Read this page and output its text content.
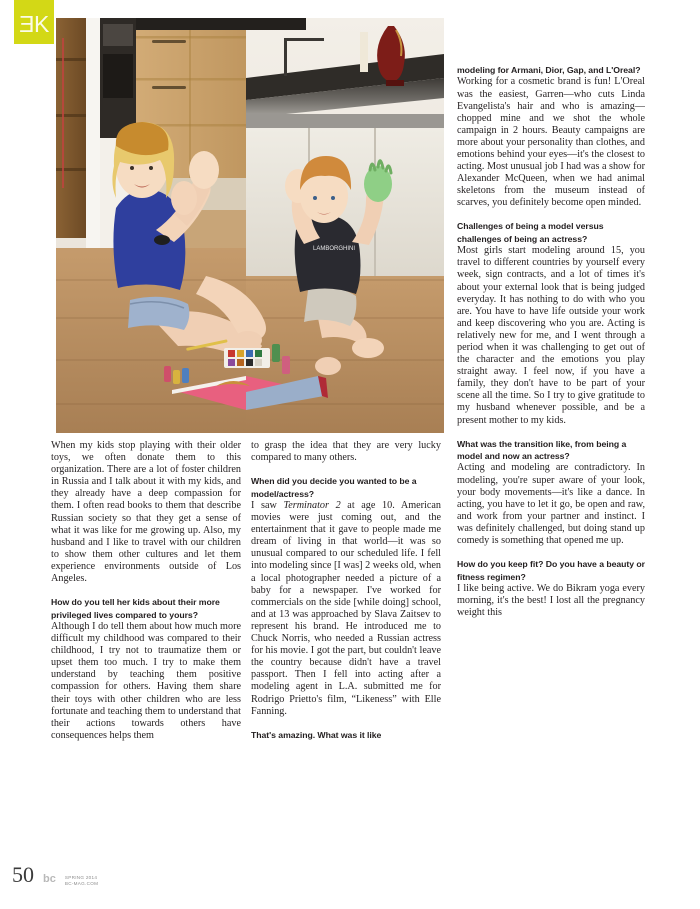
ƎK
LAMBORGHINI

When my kids stop playing with their older toys, we often donate them to this organization. There are a lot of foster children in Russia and I talk about it with my kids, and they already have a deep compassion for them. I often read books to them that describe Russian society so that they get a sense of what it was like for me growing up. Also, my husband and I like to travel with our children to show them other cultures and let them experience environments outside of Los Angeles.

How do you tell her kids about their more privileged lives compared to yours?

Although I do tell them about how much more difficult my childhood was compared to their childhood, I try not to traumatize them or upset them too much. I try to make them understand by teaching them positive compassion for others. Having them share their toys with other children who are less fortunate and teaching them to understand that their actions towards others have consequences helps them

to grasp the idea that they are very lucky compared to many others.

When did you decide you wanted to be a model/actress?

I saw Terminator 2 at age 10. American movies were just coming out, and the entertainment that it gave to people made me dream of living in that world—it was so unusual compared to our scheduled life. I fell into modeling since [I was] 2 weeks old, when a local photographer needed a picture of a baby for a newspaper. I've worked for commercials on the side [while doing] school, and at 13 was approached by Slava Zaitsev to represent his brand. He introduced me to Chuck Norris, who needed a Russian actress for his movie. I got the part, but couldn't leave the country because didn't have a travel passport. Then I fell into acting after a modeling agent in L.A. submitted me for Rodrigo Prietto's film, “Likeness” with Elle Fanning.

That's amazing. What was it like

modeling for Armani, Dior, Gap, and L'Oreal?

Working for a cosmetic brand is fun! L'Oreal was the easiest, Garren—who cuts Linda Evangelista's hair and who is amazing—chopped mine and we shot the whole campaign in 2 hours. Beauty campaigns are more about your personality than clothes, and emotions behind your eyes—it's the closest to acting. Most unusual job I had was a show for Alexander McQueen, when we had animal skeletons from the museum instead of scarves, you definitely become open minded.

Challenges of being a model versus challenges of being an actress?

Most girls start modeling around 15, you travel to different countries by yourself every week, sign contracts, and a lot of times it's about your external look that is being judged everyday. It has nothing to do with who you are. You have to have life outside your work and keep discovering who you are. Acting is relatively new for me, and I went through a period when it was challenging to get out of the character and the emotions you play straight away. I feel now, if you have a family, they don't have to be part of your scene all the time. So I try to give gratitude to my husband whenever possible, and be a present mother to my kids.

What was the transition like, from being a model and now an actress?

Acting and modeling are contradictory. In modeling, you're super aware of your look, your body movements—it's like a dance. In acting, you have to let it go, be open and raw, and work from your partner and instinct. I was definitely challenged, but doing stand up comedy is something that opened me up.

How do you keep fit? Do you have a beauty or fitness regimen?

I like being active. We do Bikram yoga every morning, it's the best! I lost all the pregnancy weight this

50 bc SPRING 2014
BC-MAG.COM
